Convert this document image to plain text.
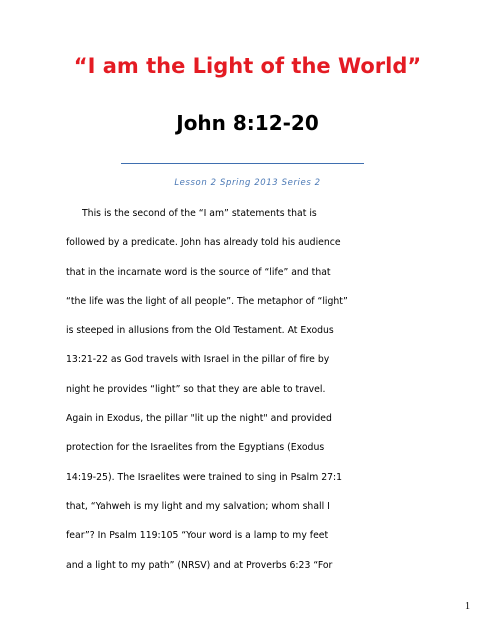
“I am the Light of the World”
John 8:12-20
Lesson 2 Spring 2013 Series 2
This is the second of the “I am” statements that is
followed by a predicate. John has already told his audience
that in the incarnate word is the source of “life” and that
“the life was the light of all people”. The metaphor of “light”
is steeped in allusions from the Old Testament. At Exodus
13:21-22 as God travels with Israel in the pillar of fire by
night he provides “light” so that they are able to travel.
Again in Exodus, the pillar "lit up the night" and provided
protection for the Israelites from the Egyptians (Exodus
14:19-25). The Israelites were trained to sing in Psalm 27:1
that, “Yahweh is my light and my salvation; whom shall I
fear”? In Psalm 119:105 “Your word is a lamp to my feet
and a light to my path” (NRSV) and at Proverbs 6:23 “For
1
